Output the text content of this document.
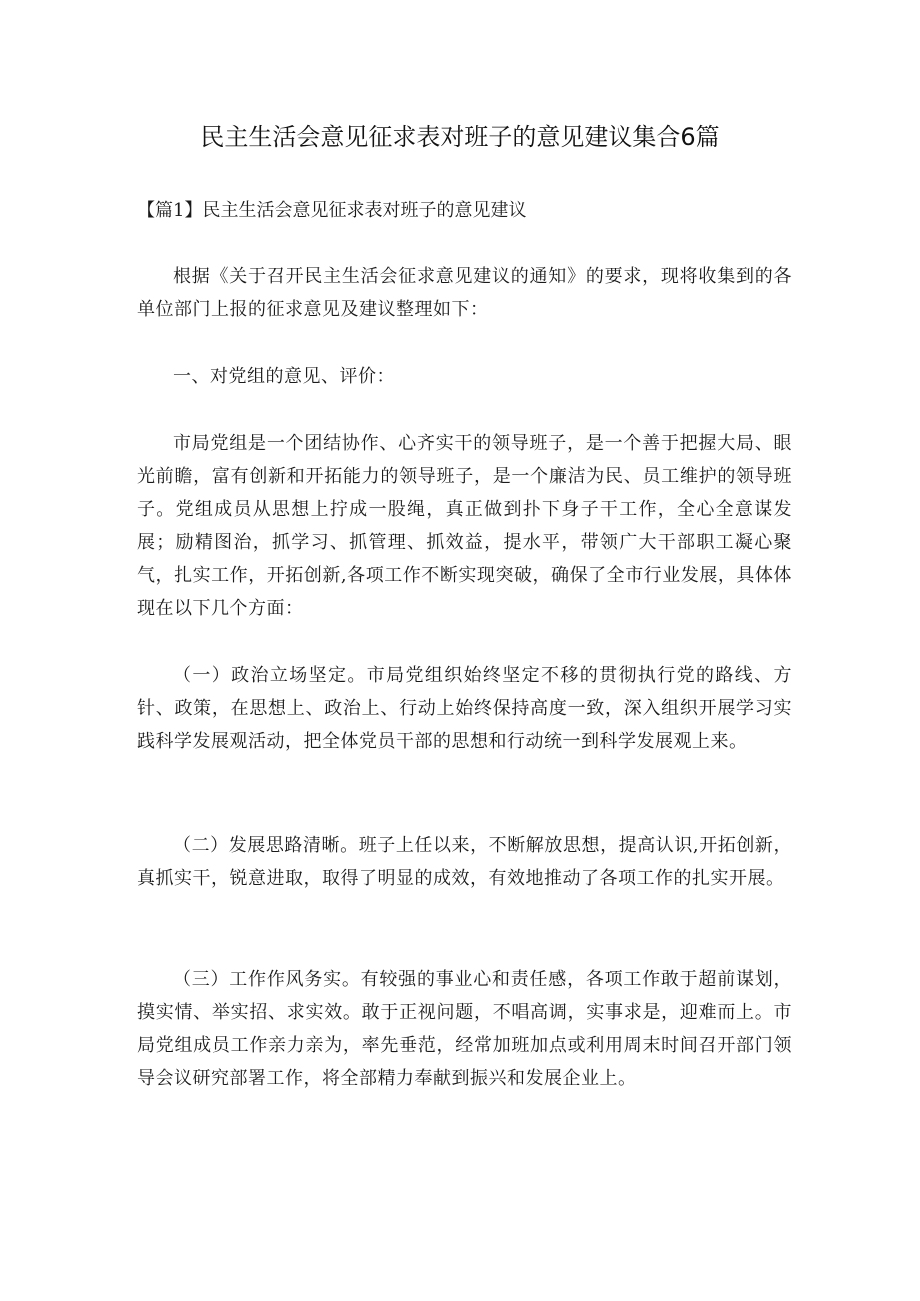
民主生活会意见征求表对班子的意见建议集合6篇
【篇1】民主生活会意见征求表对班子的意见建议

根据《关于召开民主生活会征求意见建议的通知》的要求，现将收集到的各单位部门上报的征求意见及建议整理如下：

一、对党组的意见、评价：

市局党组是一个团结协作、心齐实干的领导班子，是一个善于把握大局、眼光前瞻，富有创新和开拓能力的领导班子，是一个廉洁为民、员工维护的领导班子。党组成员从思想上拧成一股绳，真正做到扑下身子干工作，全心全意谋发展；励精图治，抓学习、抓管理、抓效益，提水平，带领广大干部职工凝心聚气，扎实工作，开拓创新,各项工作不断实现突破，确保了全市行业发展，具体体现在以下几个方面：

（一）政治立场坚定。市局党组织始终坚定不移的贯彻执行党的路线、方针、政策，在思想上、政治上、行动上始终保持高度一致，深入组织开展学习实践科学发展观活动，把全体党员干部的思想和行动统一到科学发展观上来。

（二）发展思路清晰。班子上任以来，不断解放思想，提高认识,开拓创新，真抓实干，锐意进取，取得了明显的成效，有效地推动了各项工作的扎实开展。

（三）工作作风务实。有较强的事业心和责任感，各项工作敢于超前谋划，摸实情、举实招、求实效。敢于正视问题，不唱高调，实事求是，迎难而上。市局党组成员工作亲力亲为，率先垂范，经常加班加点或利用周末时间召开部门领导会议研究部署工作，将全部精力奉献到振兴和发展企业上。
